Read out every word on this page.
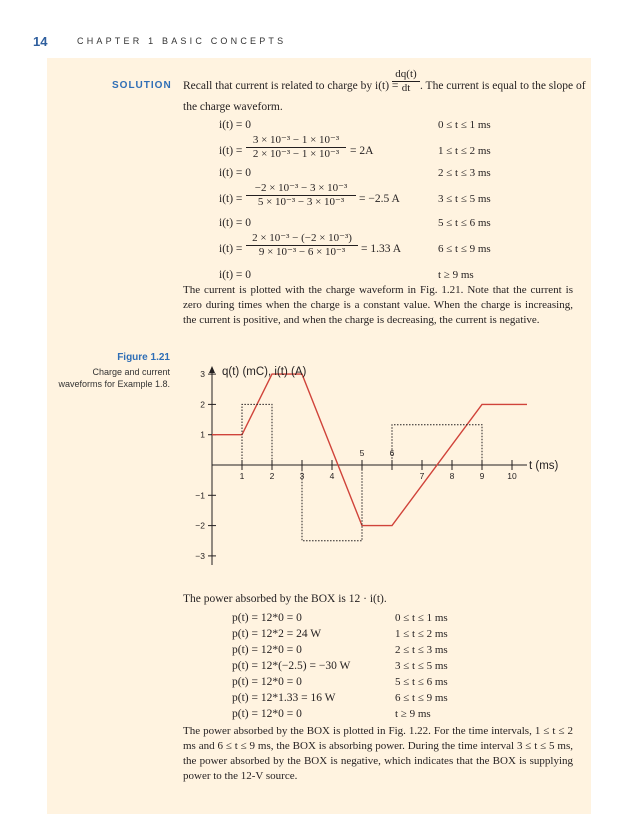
14	CHAPTER 1 BASIC CONCEPTS
SOLUTION Recall that current is related to charge by i(t) =
$\frac{dq(t)}{dt}$ . The current is equal to the slope of
the charge waveform.
i(t) = 0	0 ≤ t ≤ 1 ms
$i(t) = \frac{\text{3 × 10⁻³ − 1 × 10⁻³}}{\text{2 × 10⁻³ − 1 × 10⁻³}} = 2A$	1 ≤ t ≤ 2 ms
i(t) = 0	2 ≤ t ≤ 3 ms
$i(t) = \frac{\text{−2 × 10⁻³ − 3 × 10⁻³}}{\text{5 × 10⁻³ − 3 × 10⁻³}} = -2.5$ A	3 ≤ t ≤ 5 ms
i(t) = 0	5 ≤ t ≤ 6 ms
$i(t) = \frac{\text{2 × 10⁻³ − (−2 × 10⁻³)}}{\text{9 × 10⁻³ − 6 × 10⁻³}} = 1.33$ A	6 ≤ t ≤ 9 ms
i(t) = 0	t ≥ 9 ms

The current is plotted with the charge waveform in Fig. 1.21. Note that the current is zero during times when the charge is a constant value. When the charge is increasing, the current is positive, and when the charge is decreasing, the current is negative.

Figure 1.21
Charge and current
waveforms for Example 1.8.
1	2	3	4
5	6
7	8	9	10
−3
−2
−1
1
2
3 q(t) (mC), i(t) (A)
t (ms)
The power absorbed by the BOX is 12 · i(t).
p(t) = 12*0 = 0	0 ≤ t ≤ 1 ms
p(t) = 12*2 = 24 W	1 ≤ t ≤ 2 ms
p(t) = 12*0 = 0	2 ≤ t ≤ 3 ms
p(t) = 12*(−2.5) = −30 W	3 ≤ t ≤ 5 ms
p(t) = 12*0 = 0	5 ≤ t ≤ 6 ms
p(t) = 12*1.33 = 16 W	6 ≤ t ≤ 9 ms
p(t) = 12*0 = 0	t ≥ 9 ms

The power absorbed by the BOX is plotted in Fig. 1.22. For the time intervals, 1 ≤ t ≤ 2 ms and 6 ≤ t ≤ 9 ms, the BOX is absorbing power. During the time interval 3 ≤ t ≤ 5 ms, the power absorbed by the BOX is negative, which indicates that the BOX is supplying power to the 12-V source.
